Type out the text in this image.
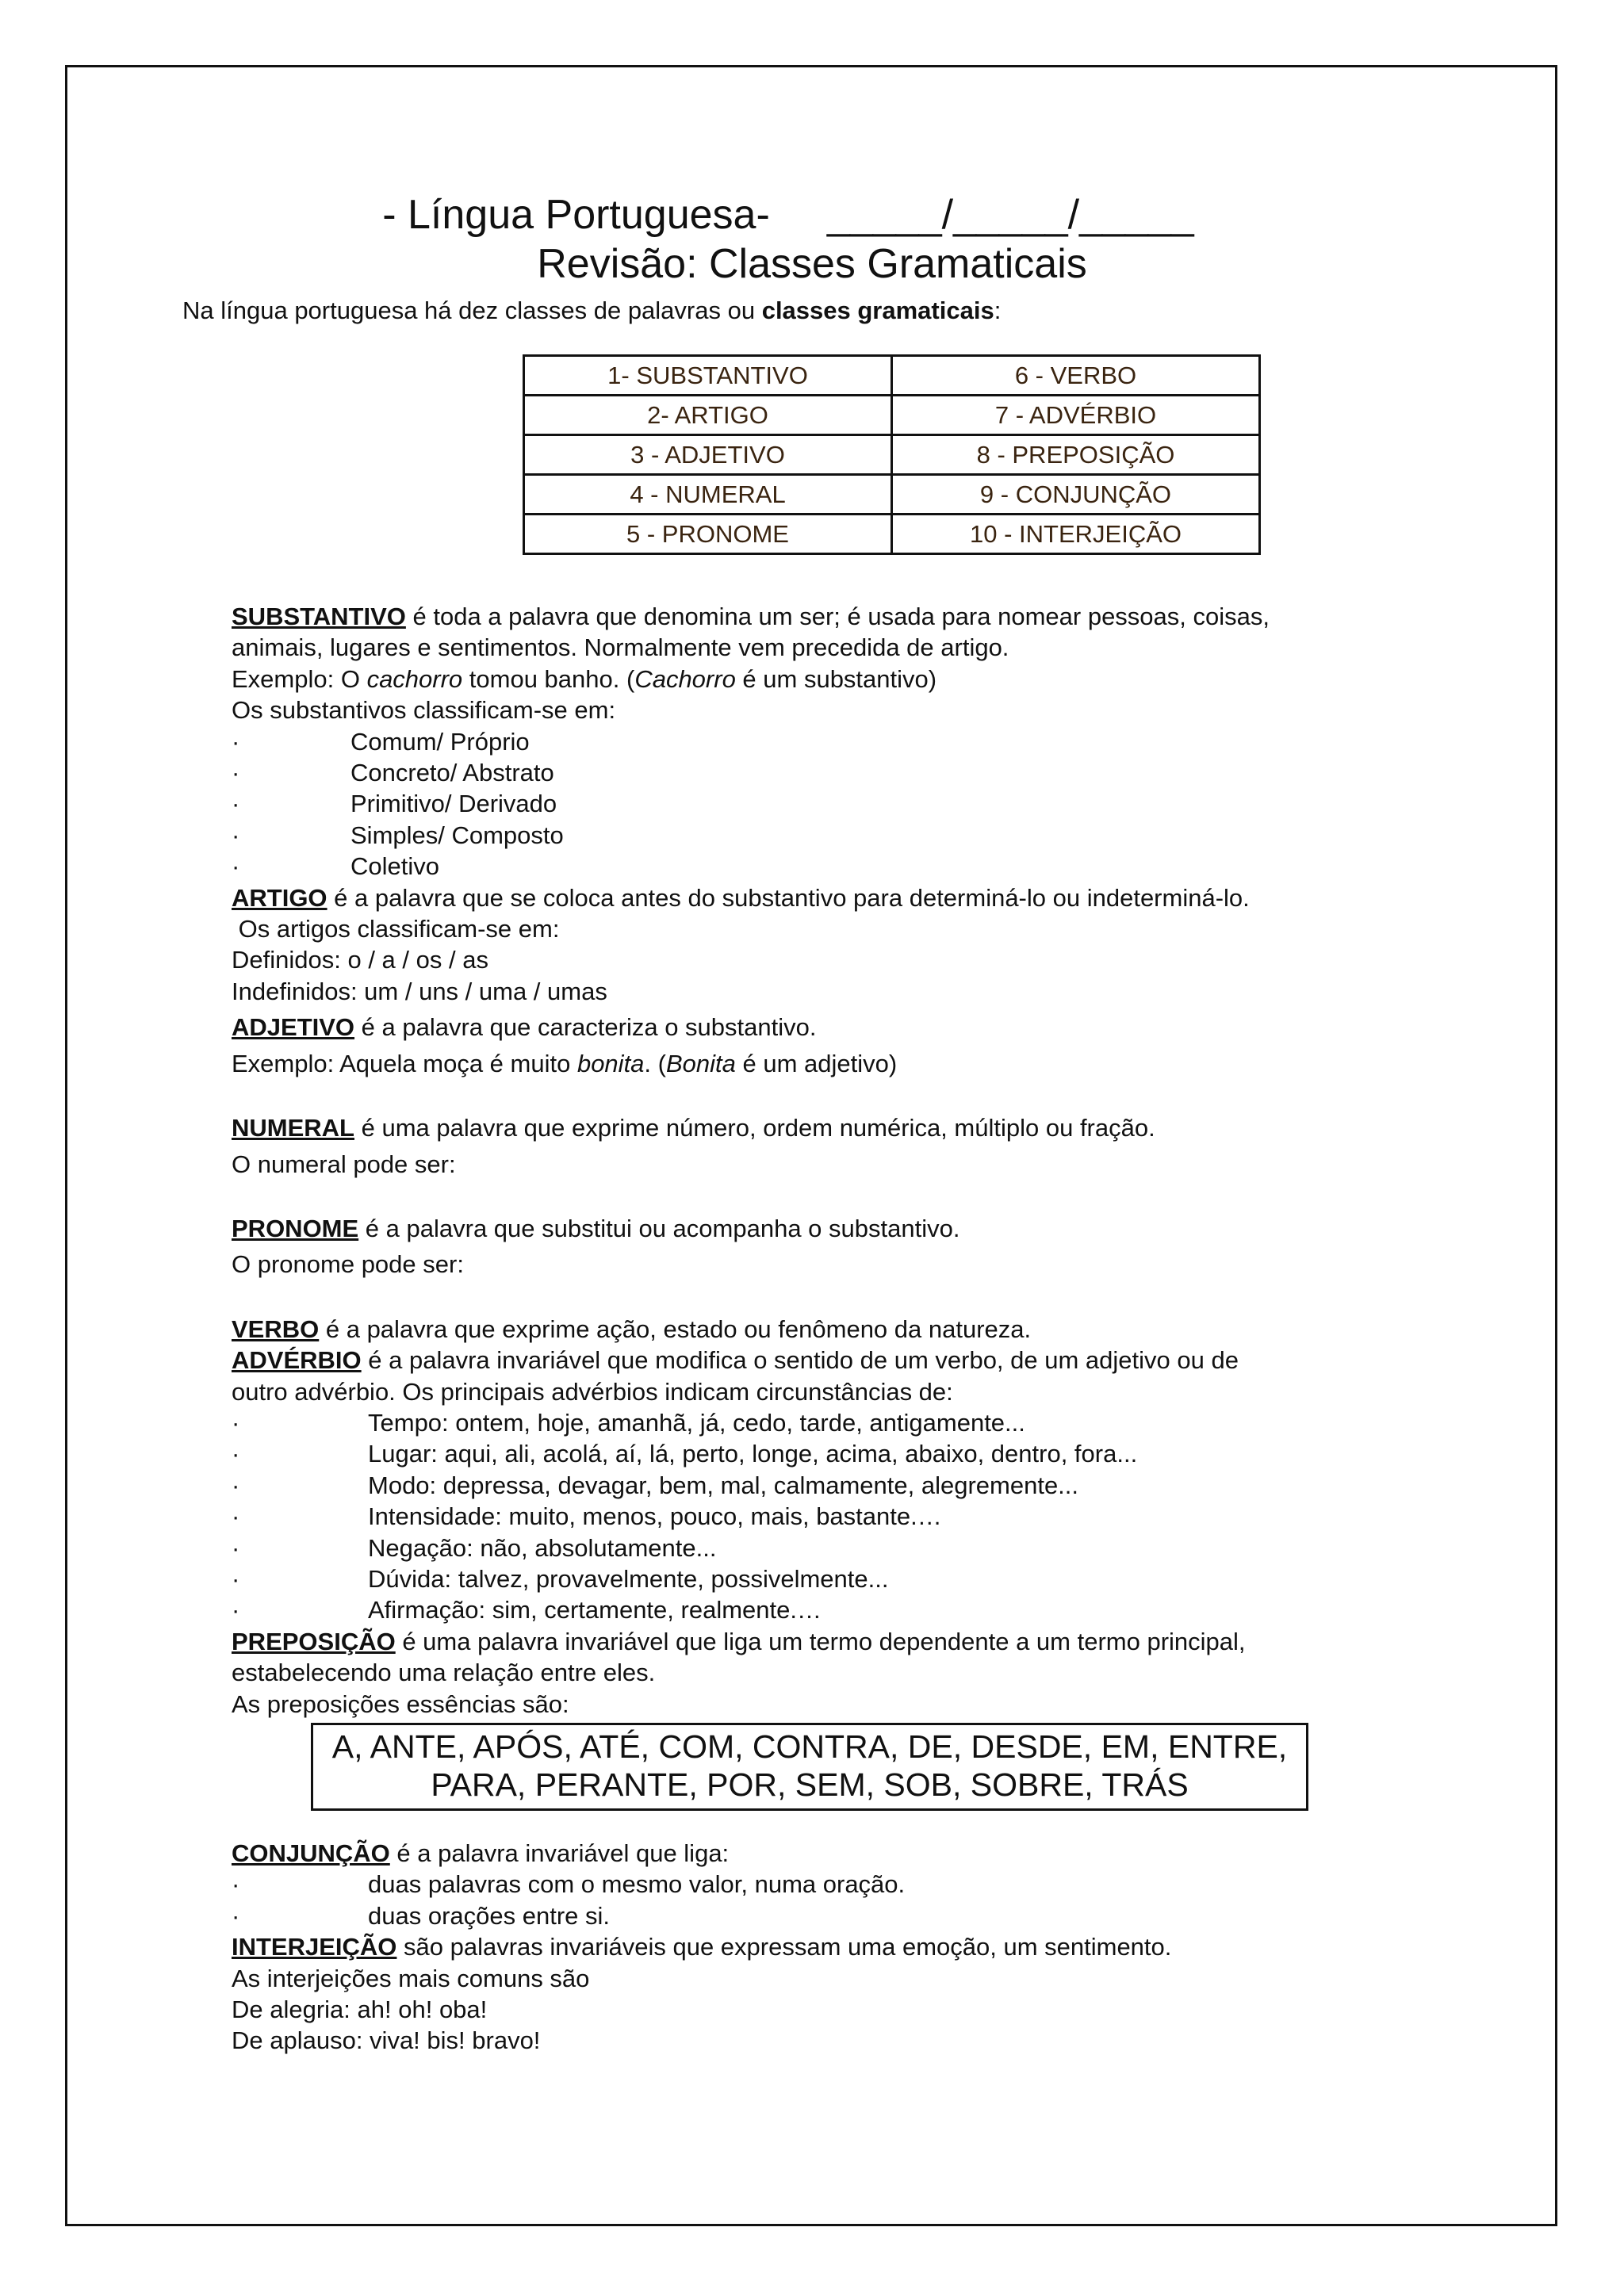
- Língua Portuguesa-     _____/_____/_____
Revisão: Classes Gramaticais
Na língua portuguesa há dez classes de palavras ou classes gramaticais:
1- SUBSTANTIVO	6 - VERBO
2- ARTIGO	7 - ADVÉRBIO
3 - ADJETIVO	8 - PREPOSIÇÃO
4 - NUMERAL	9 - CONJUNÇÃO
5 - PRONOME	10 - INTERJEIÇÃO
SUBSTANTIVO é toda a palavra que denomina um ser; é usada para nomear pessoas, coisas,
animais, lugares e sentimentos. Normalmente vem precedida de artigo.
Exemplo: O cachorro tomou banho. (Cachorro é um substantivo)
Os substantivos classificam-se em:
·	Comum/ Próprio
·	Concreto/ Abstrato
·	Primitivo/ Derivado
·	Simples/ Composto
·	Coletivo
ARTIGO é a palavra que se coloca antes do substantivo para determiná-lo ou indeterminá-lo.
Os artigos classificam-se em:
Definidos: o / a / os / as
Indefinidos: um / uns / uma / umas
ADJETIVO é a palavra que caracteriza o substantivo.
Exemplo: Aquela moça é muito bonita. (Bonita é um adjetivo)
NUMERAL é uma palavra que exprime número, ordem numérica, múltiplo ou fração.
O numeral pode ser:
PRONOME é a palavra que substitui ou acompanha o substantivo.
O pronome pode ser:
VERBO é a palavra que exprime ação, estado ou fenômeno da natureza.
ADVÉRBIO é a palavra invariável que modifica o sentido de um verbo, de um adjetivo ou de
outro advérbio. Os principais advérbios indicam circunstâncias de:
·	Tempo: ontem, hoje, amanhã, já, cedo, tarde, antigamente...
·	Lugar: aqui, ali, acolá, aí, lá, perto, longe, acima, abaixo, dentro, fora...
·	Modo: depressa, devagar, bem, mal, calmamente, alegremente...
·	Intensidade: muito, menos, pouco, mais, bastante.…
·	Negação: não, absolutamente...
·	Dúvida: talvez, provavelmente, possivelmente...
·	Afirmação: sim, certamente, realmente.…
PREPOSIÇÃO é uma palavra invariável que liga um termo dependente a um termo principal,
estabelecendo uma relação entre eles.
As preposições essências são:
A, ANTE, APÓS, ATÉ, COM, CONTRA, DE, DESDE, EM, ENTRE,
PARA, PERANTE, POR, SEM, SOB, SOBRE, TRÁS
CONJUNÇÃO é a palavra invariável que liga:
·	duas palavras com o mesmo valor, numa oração.
·	duas orações entre si.
INTERJEIÇÃO são palavras invariáveis que expressam uma emoção, um sentimento.
As interjeições mais comuns são
De alegria: ah! oh! oba!
De aplauso: viva! bis! bravo!
